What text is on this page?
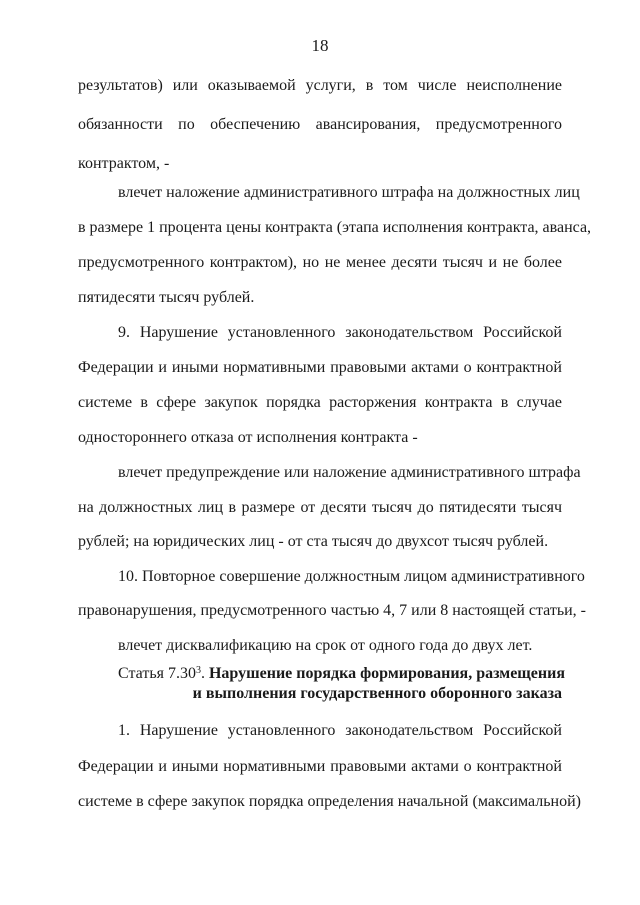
18
результатов) или оказываемой услуги, в том числе неисполнение
обязанности по обеспечению авансирования, предусмотренного
контрактом, -
влечет наложение административного штрафа на должностных лиц
в размере 1 процента цены контракта (этапа исполнения контракта, аванса,
предусмотренного контрактом), но не менее десяти тысяч и не более
пятидесяти тысяч рублей.
9. Нарушение установленного законодательством Российской
Федерации и иными нормативными правовыми актами о контрактной
системе в сфере закупок порядка расторжения контракта в случае
одностороннего отказа от исполнения контракта -
влечет предупреждение или наложение административного штрафа
на должностных лиц в размере от десяти тысяч до пятидесяти тысяч
рублей; на юридических лиц - от ста тысяч до двухсот тысяч рублей.
10. Повторное совершение должностным лицом административного
правонарушения, предусмотренного частью 4, 7 или 8 настоящей статьи, -
влечет дисквалификацию на срок от одного года до двух лет.
Статья 7.30$^3$. Нарушение порядка формирования, размещения
и выполнения государственного оборонного заказа
1. Нарушение установленного законодательством Российской
Федерации и иными нормативными правовыми актами о контрактной
системе в сфере закупок порядка определения начальной (максимальной)
